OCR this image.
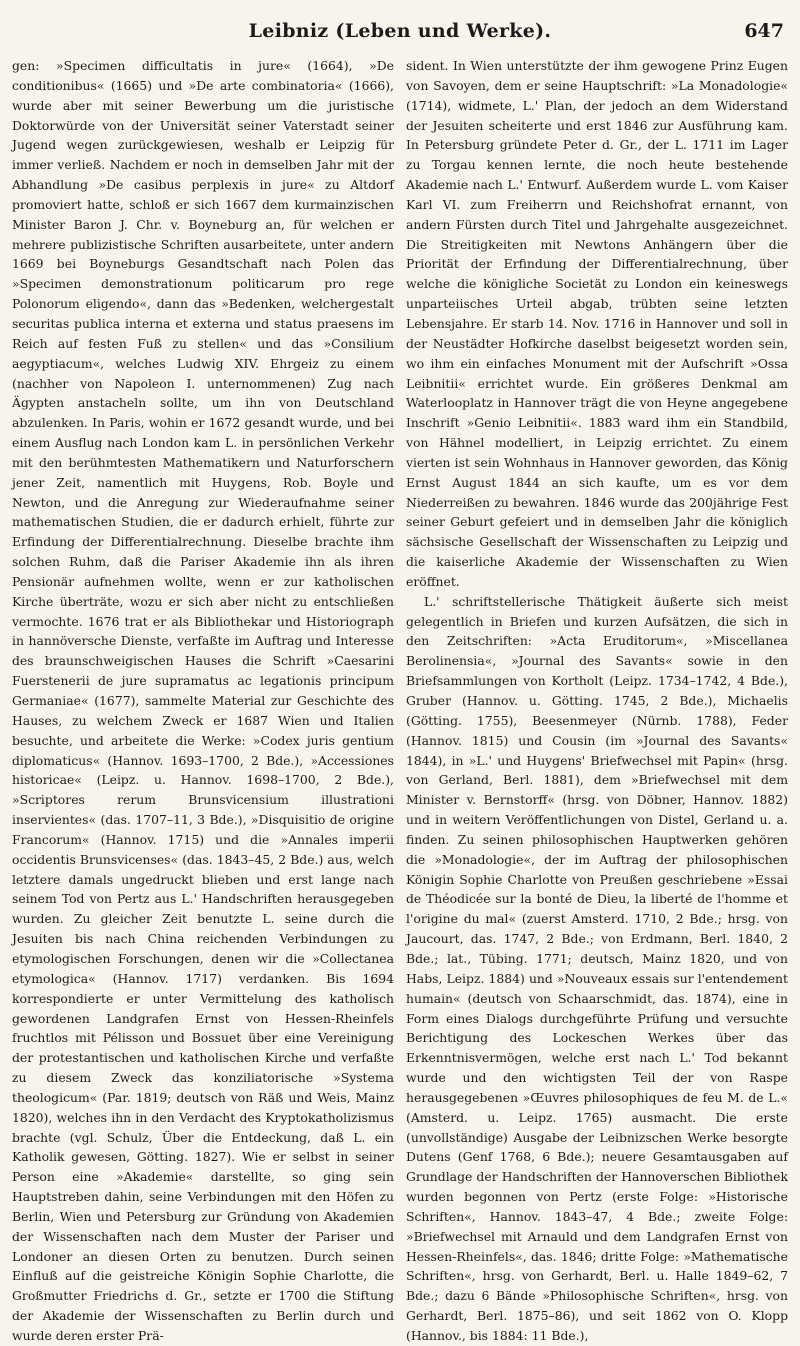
Leibniz (Leben und Werke).	647

gen: »Specimen difficultatis in jure« (1664), »De conditionibus« (1665) und »De arte combinatoria« (1666), wurde aber mit seiner Bewerbung um die juristische Doktorwürde von der Universität seiner Vaterstadt seiner Jugend wegen zurückgewiesen, weshalb er Leipzig für immer verließ. Nachdem er noch in demselben Jahr mit der Abhandlung »De casibus perplexis in jure« zu Altdorf promoviert hatte, schloß er sich 1667 dem kurmainzischen Minister Baron J. Chr. v. Boyneburg an, für welchen er mehrere publizistische Schriften ausarbeitete, unter andern 1669 bei Boyneburgs Gesandtschaft nach Polen das »Specimen demonstrationum politicarum pro rege Polonorum eligendo«, dann das »Bedenken, welchergestalt securitas publica interna et externa und status praesens im Reich auf festen Fuß zu stellen« und das »Consilium aegyptiacum«, welches Ludwig XIV. Ehrgeiz zu einem (nachher von Napoleon I. unternommenen) Zug nach Ägypten anstacheln sollte, um ihn von Deutschland abzulenken. In Paris, wohin er 1672 gesandt wurde, und bei einem Ausflug nach London kam L. in persönlichen Verkehr mit den berühmtesten Mathematikern und Naturforschern jener Zeit, namentlich mit Huygens, Rob. Boyle und Newton, und die Anregung zur Wiederaufnahme seiner mathematischen Studien, die er dadurch erhielt, führte zur Erfindung der Differentialrechnung. Dieselbe brachte ihm solchen Ruhm, daß die Pariser Akademie ihn als ihren Pensionär aufnehmen wollte, wenn er zur katholischen Kirche überträte, wozu er sich aber nicht zu entschließen vermochte. 1676 trat er als Bibliothekar und Historiograph in hannöversche Dienste, verfaßte im Auftrag und Interesse des braunschweigischen Hauses die Schrift »Caesarini Fuerstenerii de jure supramatus ac legationis principum Germaniae« (1677), sammelte Material zur Geschichte des Hauses, zu welchem Zweck er 1687 Wien und Italien besuchte, und arbeitete die Werke: »Codex juris gentium diplomaticus« (Hannov. 1693–1700, 2 Bde.), »Accessiones historicae« (Leipz. u. Hannov. 1698–1700, 2 Bde.), »Scriptores rerum Brunsvicensium illustrationi inservientes« (das. 1707–11, 3 Bde.), »Disquisitio de origine Francorum« (Hannov. 1715) und die »Annales imperii occidentis Brunsvicenses« (das. 1843–45, 2 Bde.) aus, welch letztere damals ungedruckt blieben und erst lange nach seinem Tod von Pertz aus L.' Handschriften herausgegeben wurden. Zu gleicher Zeit benutzte L. seine durch die Jesuiten bis nach China reichenden Verbindungen zu etymologischen Forschungen, denen wir die »Collectanea etymologica« (Hannov. 1717) verdanken. Bis 1694 korrespondierte er unter Vermittelung des katholisch gewordenen Landgrafen Ernst von Hessen-Rheinfels fruchtlos mit Pélisson und Bossuet über eine Vereinigung der protestantischen und katholischen Kirche und verfaßte zu diesem Zweck das konziliatorische »Systema theologicum« (Par. 1819; deutsch von Räß und Weis, Mainz 1820), welches ihn in den Verdacht des Kryptokatholizismus brachte (vgl. Schulz, Über die Entdeckung, daß L. ein Katholik gewesen, Götting. 1827). Wie er selbst in seiner Person eine »Akademie« darstellte, so ging sein Hauptstreben dahin, seine Verbindungen mit den Höfen zu Berlin, Wien und Petersburg zur Gründung von Akademien der Wissenschaften nach dem Muster der Pariser und Londoner an diesen Orten zu benutzen. Durch seinen Einfluß auf die geistreiche Königin Sophie Charlotte, die Großmutter Friedrichs d. Gr., setzte er 1700 die Stiftung der Akademie der Wissenschaften zu Berlin durch und wurde deren erster Prä-

sident. In Wien unterstützte der ihm gewogene Prinz Eugen von Savoyen, dem er seine Hauptschrift: »La Monadologie« (1714), widmete, L.' Plan, der jedoch an dem Widerstand der Jesuiten scheiterte und erst 1846 zur Ausführung kam. In Petersburg gründete Peter d. Gr., der L. 1711 im Lager zu Torgau kennen lernte, die noch heute bestehende Akademie nach L.' Entwurf. Außerdem wurde L. vom Kaiser Karl VI. zum Freiherrn und Reichshofrat ernannt, von andern Fürsten durch Titel und Jahrgehalte ausgezeichnet. Die Streitigkeiten mit Newtons Anhängern über die Priorität der Erfindung der Differentialrechnung, über welche die königliche Societät zu London ein keineswegs unparteiisches Urteil abgab, trübten seine letzten Lebensjahre. Er starb 14. Nov. 1716 in Hannover und soll in der Neustädter Hofkirche daselbst beigesetzt worden sein, wo ihm ein einfaches Monument mit der Aufschrift »Ossa Leibnitii« errichtet wurde. Ein größeres Denkmal am Waterlooplatz in Hannover trägt die von Heyne angegebene Inschrift »Genio Leibnitii«. 1883 ward ihm ein Standbild, von Hähnel modelliert, in Leipzig errichtet. Zu einem vierten ist sein Wohnhaus in Hannover geworden, das König Ernst August 1844 an sich kaufte, um es vor dem Niederreißen zu bewahren. 1846 wurde das 200jährige Fest seiner Geburt gefeiert und in demselben Jahr die königlich sächsische Gesellschaft der Wissenschaften zu Leipzig und die kaiserliche Akademie der Wissenschaften zu Wien eröffnet.

L.' schriftstellerische Thätigkeit äußerte sich meist gelegentlich in Briefen und kurzen Aufsätzen, die sich in den Zeitschriften: »Acta Eruditorum«, »Miscellanea Berolinensia«, »Journal des Savants« sowie in den Briefsammlungen von Kortholt (Leipz. 1734–1742, 4 Bde.), Gruber (Hannov. u. Götting. 1745, 2 Bde.), Michaelis (Götting. 1755), Beesenmeyer (Nürnb. 1788), Feder (Hannov. 1815) und Cousin (im »Journal des Savants« 1844), in »L.' und Huygens' Briefwechsel mit Papin« (hrsg. von Gerland, Berl. 1881), dem »Briefwechsel mit dem Minister v. Bernstorff« (hrsg. von Döbner, Hannov. 1882) und in weitern Veröffentlichungen von Distel, Gerland u. a. finden. Zu seinen philosophischen Hauptwerken gehören die »Monadologie«, der im Auftrag der philosophischen Königin Sophie Charlotte von Preußen geschriebene »Essai de Théodicée sur la bonté de Dieu, la liberté de l'homme et l'origine du mal« (zuerst Amsterd. 1710, 2 Bde.; hrsg. von Jaucourt, das. 1747, 2 Bde.; von Erdmann, Berl. 1840, 2 Bde.; lat., Tübing. 1771; deutsch, Mainz 1820, und von Habs, Leipz. 1884) und »Nouveaux essais sur l'entendement humain« (deutsch von Schaarschmidt, das. 1874), eine in Form eines Dialogs durchgeführte Prüfung und versuchte Berichtigung des Lockeschen Werkes über das Erkenntnisvermögen, welche erst nach L.' Tod bekannt wurde und den wichtigsten Teil der von Raspe herausgegebenen »Œuvres philosophiques de feu M. de L.« (Amsterd. u. Leipz. 1765) ausmacht. Die erste (unvollständige) Ausgabe der Leibnizschen Werke besorgte Dutens (Genf 1768, 6 Bde.); neuere Gesamtausgaben auf Grundlage der Handschriften der Hannoverschen Bibliothek wurden begonnen von Pertz (erste Folge: »Historische Schriften«, Hannov. 1843–47, 4 Bde.; zweite Folge: »Briefwechsel mit Arnauld und dem Landgrafen Ernst von Hessen-Rheinfels«, das. 1846; dritte Folge: »Mathematische Schriften«, hrsg. von Gerhardt, Berl. u. Halle 1849–62, 7 Bde.; dazu 6 Bände »Philosophische Schriften«, hrsg. von Gerhardt, Berl. 1875–86), und seit 1862 von O. Klopp (Hannov., bis 1884: 11 Bde.),
